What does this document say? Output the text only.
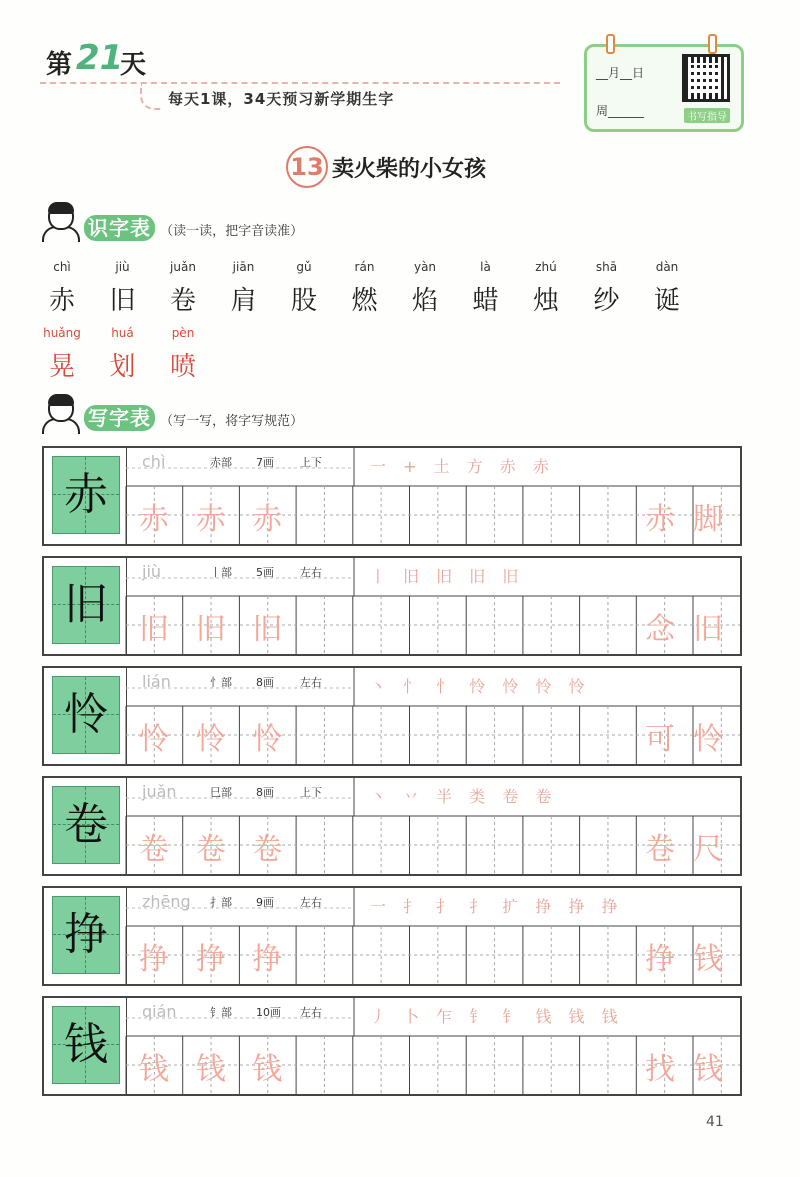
第 21
天
每天1课，34天预习新学期生字
__月__日
周______	书写指导
13 卖火柴的小女孩
识字表 （读一读，把字音读准）
chì
赤
jiù
旧
juǎn
卷
jiān
肩
gǔ
股
rán
燃
yàn
焰
là
蜡
zhú
烛
shā
纱
dàn
诞
huǎng
晃
huá
划
pèn
喷
写字表 （写一写，将字写规范）
赤
chì	赤部 7画 上下	一 + 土 方 赤 赤
赤 赤 赤	赤脚
旧
jiù	丨部 5画 左右	丨 旧 旧 旧 旧
旧 旧 旧	念旧
怜
lián	忄部 8画 左右	丶 忄 忄 怜 怜 怜 怜
怜 怜 怜	可怜
卷
juǎn	巳部 8画 上下	丶 丷 半 类 卷 卷
卷 卷 卷	卷尺
挣
zhēng 扌部 9画 左右	一 扌 扌 扌 扩 挣 挣 挣
挣 挣 挣	挣钱
钱
qián	钅部 10画 左右	丿 卜 乍 钅 钅 钱 钱 钱
钱 钱 钱	找钱
41
